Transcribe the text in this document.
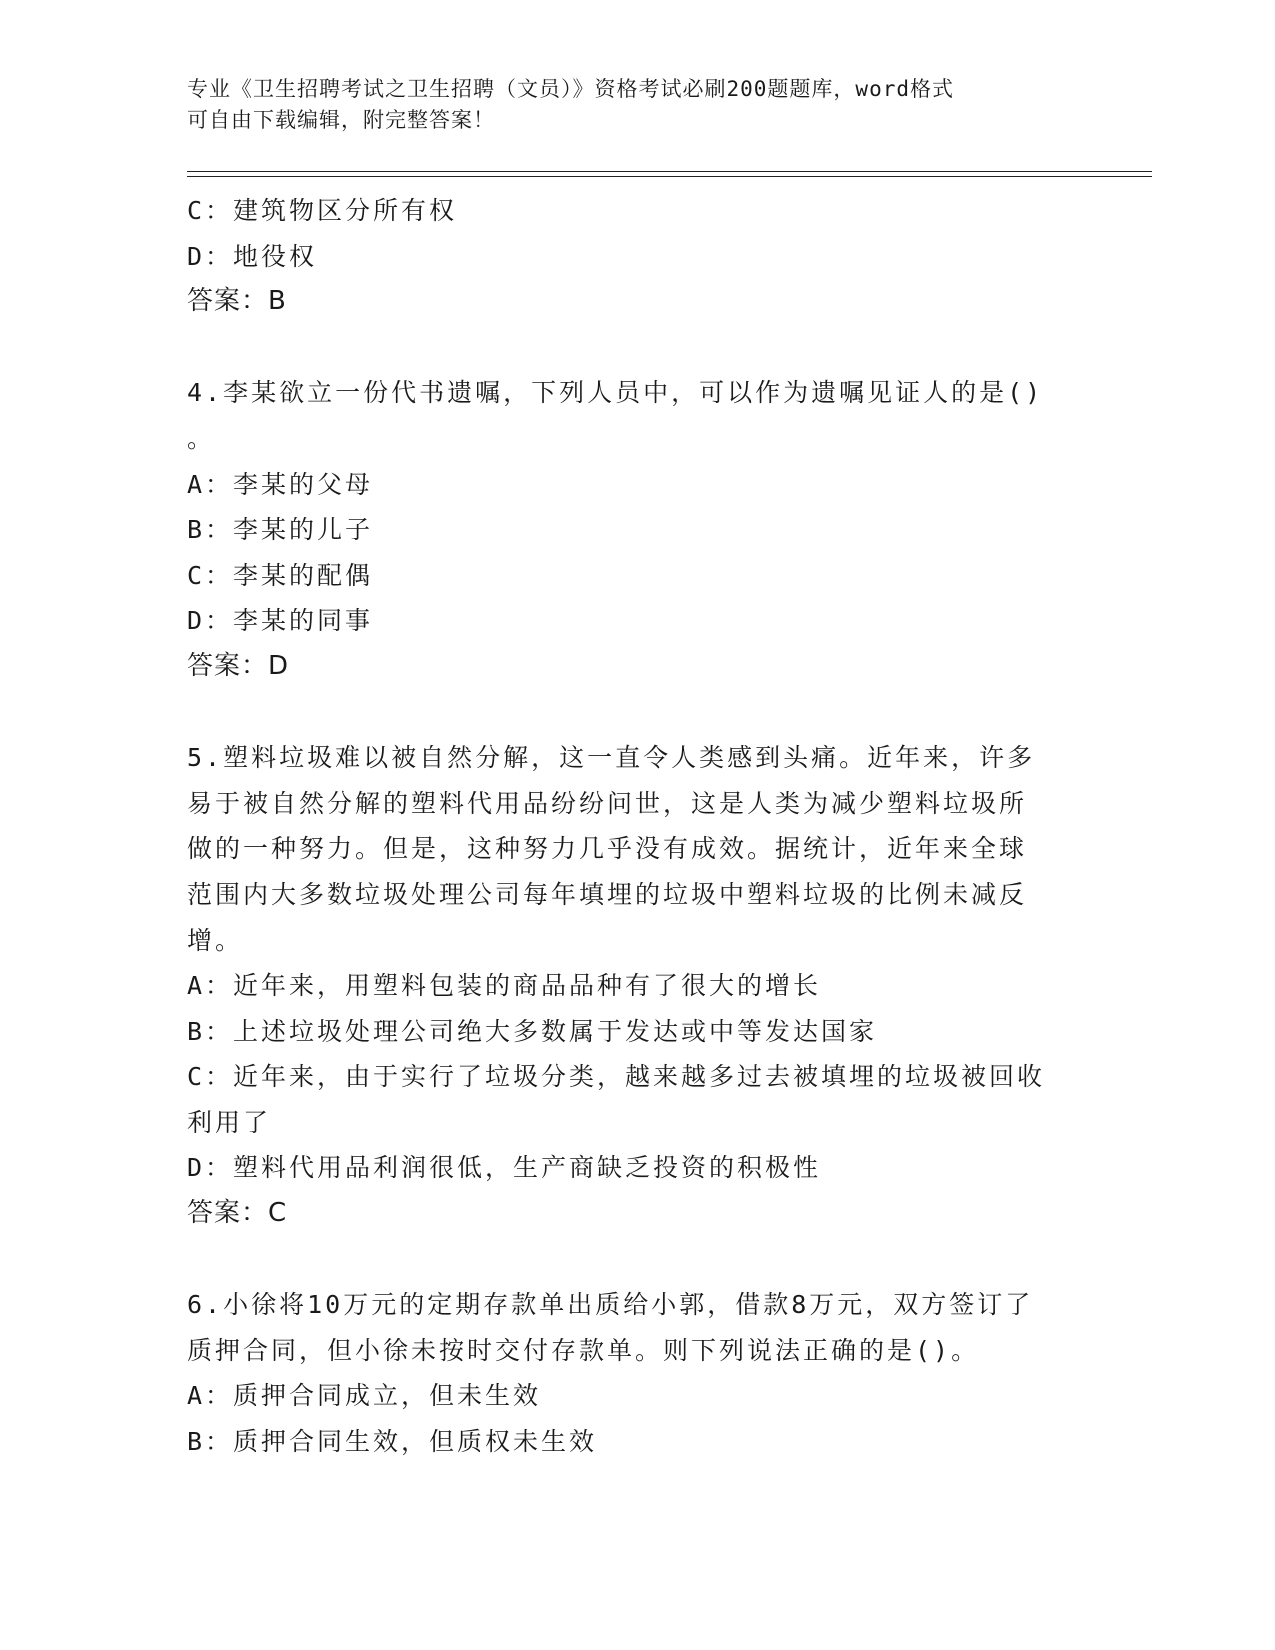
专业《卫生招聘考试之卫生招聘（文员）》资格考试必刷200题题库，word格式
可自由下载编辑，附完整答案！
C：建筑物区分所有权
D：地役权
答案：B
4.李某欲立一份代书遗嘱，下列人员中，可以作为遗嘱见证人的是()
。
A：李某的父母
B：李某的儿子
C：李某的配偶
D：李某的同事
答案：D
5.塑料垃圾难以被自然分解，这一直令人类感到头痛。近年来，许多
易于被自然分解的塑料代用品纷纷问世，这是人类为减少塑料垃圾所
做的一种努力。但是，这种努力几乎没有成效。据统计，近年来全球
范围内大多数垃圾处理公司每年填埋的垃圾中塑料垃圾的比例未减反
增。
A：近年来，用塑料包装的商品品种有了很大的增长
B：上述垃圾处理公司绝大多数属于发达或中等发达国家
C：近年来，由于实行了垃圾分类，越来越多过去被填埋的垃圾被回收
利用了
D：塑料代用品利润很低，生产商缺乏投资的积极性
答案：C
6.小徐将10万元的定期存款单出质给小郭，借款8万元，双方签订了
质押合同，但小徐未按时交付存款单。则下列说法正确的是()。
A：质押合同成立，但未生效
B：质押合同生效，但质权未生效
